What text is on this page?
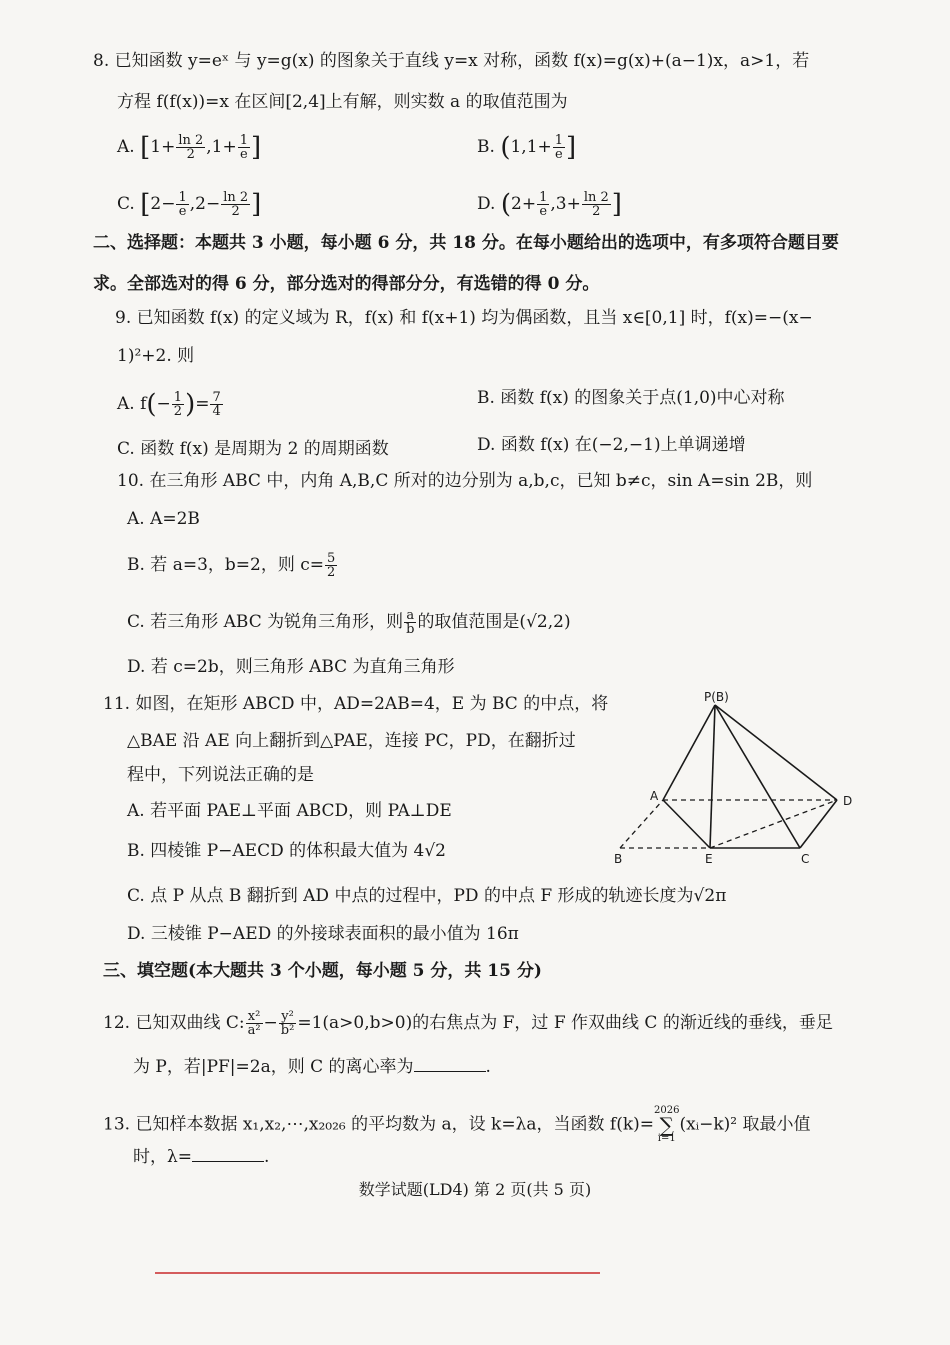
8. 已知函数 y=eˣ 与 y=g(x) 的图象关于直线 y=x 对称，函数 f(x)=g(x)+(a−1)x，a>1，若
方程 f(f(x))=x 在区间[2,4]上有解，则实数 a 的取值范围为
A. [$1+ \frac{\ln 2}{2} ,1+ \frac{1}{e}$ ]	B. ($1,1+ \frac{1}{e}$ ]
C. [$2- \frac{1}{e} ,2- \frac{\ln 2}{2}$ ]	D. ($2+ \frac{1}{e} ,3+ \frac{\ln 2}{2}$ ]
二、选择题：本题共 3 小题，每小题 6 分，共 18 分。在每小题给出的选项中，有多项符合题目要
求。全部选对的得 6 分，部分选对的得部分分，有选错的得 0 分。
9. 已知函数 f(x) 的定义域为 R，f(x) 和 f(x+1) 均为偶函数，且当 x∈[0,1] 时，f(x)=−(x−
1)²+2. 则
A. $f(- \frac{1}{2}$ )= $\frac{7}{4}$	B. 函数 f(x) 的图象关于点(1,0)中心对称
C. 函数 f(x) 是周期为 2 的周期函数	D. 函数 f(x) 在(−2,−1)上单调递增
10. 在三角形 ABC 中，内角 A,B,C 所对的边分别为 a,b,c，已知 b≠c，sin A=sin 2B，则
A. A=2B
B. 若 a=3，b=2，则 $c= \frac{5}{2}$
C. 若三角形 ABC 为锐角三角形，则 $\frac{a}{b}$ 的取值范围是(√2,2)
D. 若 c=2b，则三角形 ABC 为直角三角形
11. 如图，在矩形 ABCD 中，AD=2AB=4，E 为 BC 的中点，将
△BAE 沿 AE 向上翻折到△PAE，连接 PC，PD，在翻折过
程中，下列说法正确的是
A. 若平面 PAE⊥平面 ABCD，则 PA⊥DE
B. 四棱锥 P−AECD 的体积最大值为 4√2
C. 点 P 从点 B 翻折到 AD 中点的过程中，PD 的中点 F 形成的轨迹长度为√2π
D. 三棱锥 P−AED 的外接球表面积的最小值为 16π
P(B)
A
B	E	C
D
三、填空题(本大题共 3 个小题，每小题 5 分，共 15 分)
12. 已知双曲线 C: $\frac{\text{x²}}{\text{a²}} - \frac{\text{y²}}{\text{b²}} =1(a>0,b>0)$的右焦点为 F，过 F 作双曲线 C 的渐近线的垂线，垂足
为 P，若|PF|=2a，则 C 的离心率为	.
13. 已知样本数据 x₁,x₂,⋯,x₂₀₂₆ 的平均数为 a，设 k=λa，当函数 f(k)=2026
∑
i=1(xᵢ−k)² 取最小值
时，λ=	.
数学试题(LD4) 第 2 页(共 5 页)
